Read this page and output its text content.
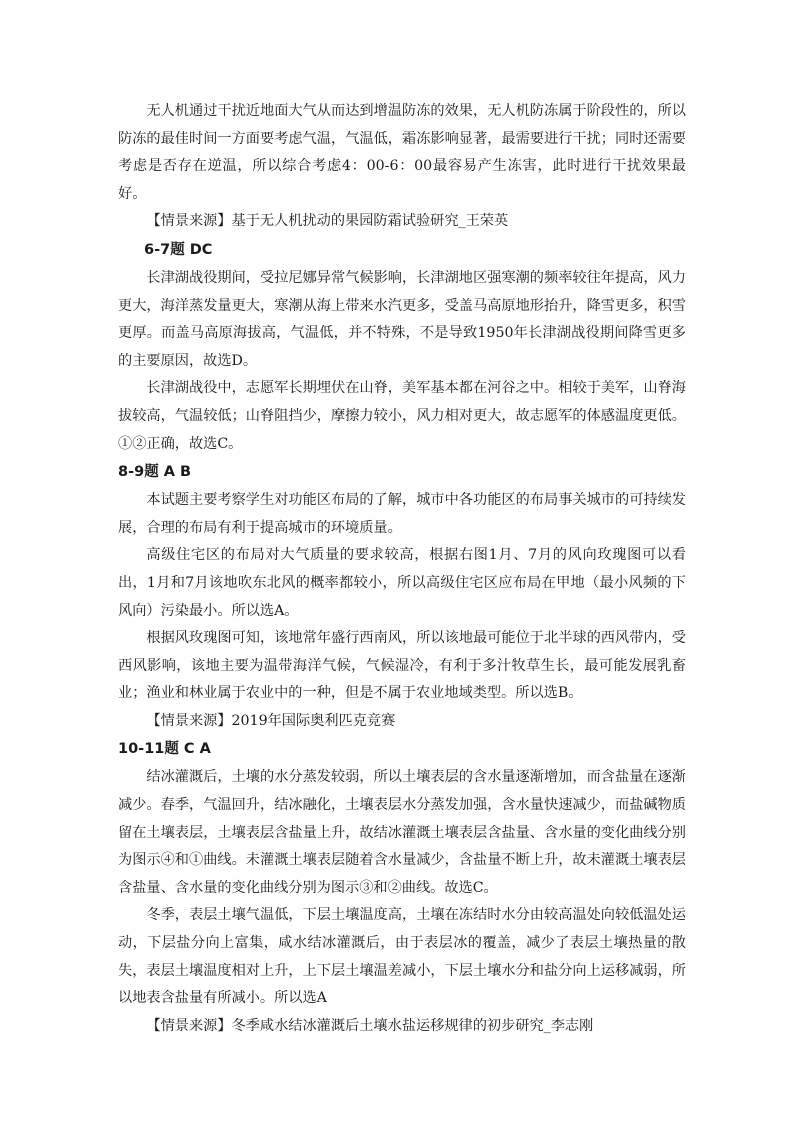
无人机通过干扰近地面大气从而达到增温防冻的效果，无人机防冻属于阶段性的，所以防冻的最佳时间一方面要考虑气温，气温低，霜冻影响显著，最需要进行干扰；同时还需要考虑是否存在逆温，所以综合考虑4：00-6：00最容易产生冻害，此时进行干扰效果最好。

【情景来源】基于无人机扰动的果园防霜试验研究_王荣英

6-7题 DC

长津湖战役期间，受拉尼娜异常气候影响，长津湖地区强寒潮的频率较往年提高，风力更大，海洋蒸发量更大，寒潮从海上带来水汽更多，受盖马高原地形抬升，降雪更多，积雪更厚。而盖马高原海拔高，气温低，并不特殊，不是导致1950年长津湖战役期间降雪更多的主要原因，故选D。

长津湖战役中，志愿军长期埋伏在山脊，美军基本都在河谷之中。相较于美军，山脊海拔较高，气温较低；山脊阻挡少，摩擦力较小，风力相对更大，故志愿军的体感温度更低。①②正确，故选C。

8-9题 A B

本试题主要考察学生对功能区布局的了解，城市中各功能区的布局事关城市的可持续发展，合理的布局有利于提高城市的环境质量。

高级住宅区的布局对大气质量的要求较高，根据右图1月、7月的风向玫瑰图可以看出，1月和7月该地吹东北风的概率都较小，所以高级住宅区应布局在甲地（最小风频的下风向）污染最小。所以选A。

根据风玫瑰图可知，该地常年盛行西南风，所以该地最可能位于北半球的西风带内，受西风影响，该地主要为温带海洋气候，气候湿冷，有利于多汁牧草生长，最可能发展乳畜业；渔业和林业属于农业中的一种，但是不属于农业地域类型。所以选B。

【情景来源】2019年国际奥利匹克竞赛

10-11题 C A

结冰灌溉后，土壤的水分蒸发较弱，所以土壤表层的含水量逐渐增加，而含盐量在逐渐减少。春季，气温回升，结冰融化，土壤表层水分蒸发加强，含水量快速减少，而盐碱物质留在土壤表层，土壤表层含盐量上升，故结冰灌溉土壤表层含盐量、含水量的变化曲线分别为图示④和①曲线。未灌溉土壤表层随着含水量减少，含盐量不断上升，故未灌溉土壤表层含盐量、含水量的变化曲线分别为图示③和②曲线。故选C。

冬季，表层土壤气温低，下层土壤温度高，土壤在冻结时水分由较高温处向较低温处运动，下层盐分向上富集，咸水结冰灌溉后，由于表层冰的覆盖，减少了表层土壤热量的散失，表层土壤温度相对上升，上下层土壤温差减小，下层土壤水分和盐分向上运移减弱，所以地表含盐量有所减小。所以选A

【情景来源】冬季咸水结冰灌溉后土壤水盐运移规律的初步研究_李志刚
